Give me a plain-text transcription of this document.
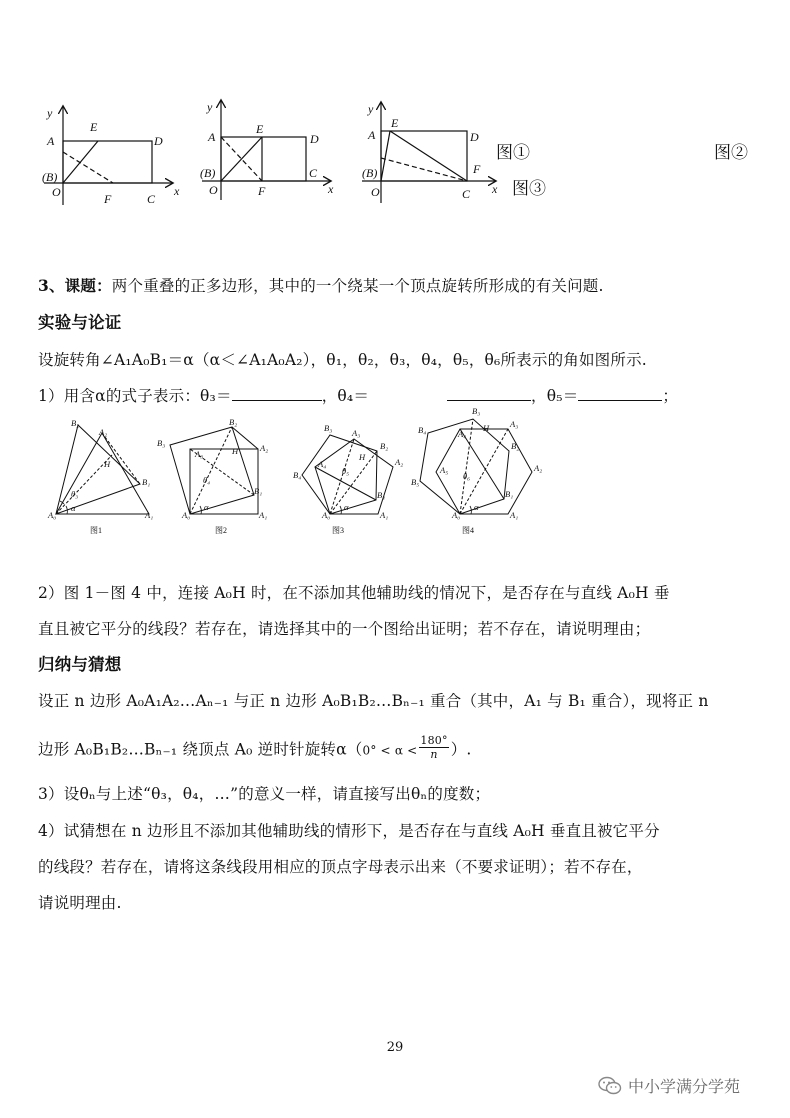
y
A
E
D
(B)
O	F	C
x
y
A
E
D
(B)
O	F
C
x
y
A
E
D
(B)
O
F
C x
图①	图②
图③
3、课题：两个重叠的正多边形，其中的一个绕某一个顶点旋转所形成的有关问题.
实验与论证
设旋转角∠A₁A₀B₁＝α（α＜∠A₁A₀A₂），θ₁，θ₂，θ₃，θ₄，θ₅，θ₆所表示的角如图所示.
1）用含α的式子表示：θ₃＝	，θ₄＝	，θ₅＝	；
A₀	A₁
A₂
B₁
B₂
H
α
θ₃
图1
A₀	A₁
A₂
A₃
B₁
B₂
B₃
H
α
θ₄
图2
A₀	A₁
A₂
A₃
A₄
B₁
B₂
B₃
B₄
H
α
θ₅
图3
A₀	A₁
A₂
A₃
A₄
A₅
B₁
B₂
B₃
B₄
B₅
H
α
θ₆
图4
2）图 1－图 4 中，连接 A₀H 时，在不添加其他辅助线的情况下，是否存在与直线 A₀H 垂
直且被它平分的线段？若存在，请选择其中的一个图给出证明；若不存在，请说明理由；
归纳与猜想
设正 n 边形 A₀A₁A₂…Aₙ₋₁ 与正 n 边形 A₀B₁B₂…Bₙ₋₁ 重合（其中，A₁ 与 B₁ 重合），现将正 n
边形 A₀B₁B₂…Bₙ₋₁ 绕顶点 A₀ 逆时针旋转$\alpha(0^\circ < \alpha < \frac{180^\circ}{n}$ ）.
3）设θₙ与上述“θ₃，θ₄，…”的意义一样，请直接写出θₙ的度数；
4）试猜想在 n 边形且不添加其他辅助线的情形下，是否存在与直线 A₀H 垂直且被它平分
的线段？若存在，请将这条线段用相应的顶点字母表示出来（不要求证明）；若不存在，
请说明理由.
29
中小学满分学苑
